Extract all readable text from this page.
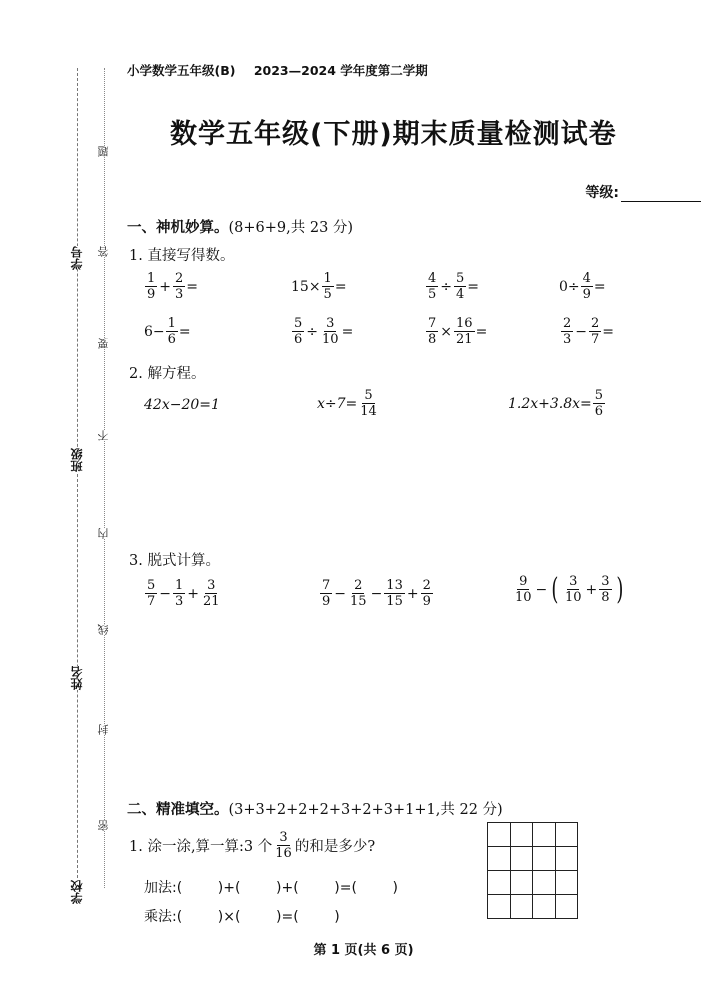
学号
班级
姓名
学校
题
答
要
不
内
线
封
密
小学数学五年级(B) 2023—2024 学年度第二学期
数学五年级(下册)期末质量检测试卷
等级:
一、神机妙算。(8+6+9,共 23 分)
1. 直接写得数。
$\frac{1}{9} + \frac{2}{3}$ =	$15\times \frac{1}{5}$ =	$\frac{4}{5} \div \frac{5}{4}$ =	$0\div \frac{4}{9}$ =
$6- \frac{1}{6}$ =	$\frac{5}{6} \div \frac{3}{10}$ =	$\frac{7}{8} \times \frac{16}{21}$ =	$\frac{2}{3} - \frac{2}{7}$ =
2. 解方程。
42x−20=1	$x\div 7= \frac{5}{14}$	$1.2x+3.8x= \frac{5}{6}$
3. 脱式计算。
$\frac{5}{7} - \frac{1}{3} + \frac{3}{21}$	$\frac{7}{9} - \frac{2}{15} - \frac{13}{15} + \frac{2}{9}$	$\frac{9}{10}$ − ( $\frac{3}{10} + \frac{3}{8}$ )
二、精准填空。(3+3+2+2+2+3+2+3+1+1,共 22 分)
1. 涂一涂,算一算:3 个 $\frac{3}{16}$ 的和是多少?
加法:(        )+(        )+(        )=(        )
乘法:(        )×(        )=(        )

第 1 页(共 6 页)
